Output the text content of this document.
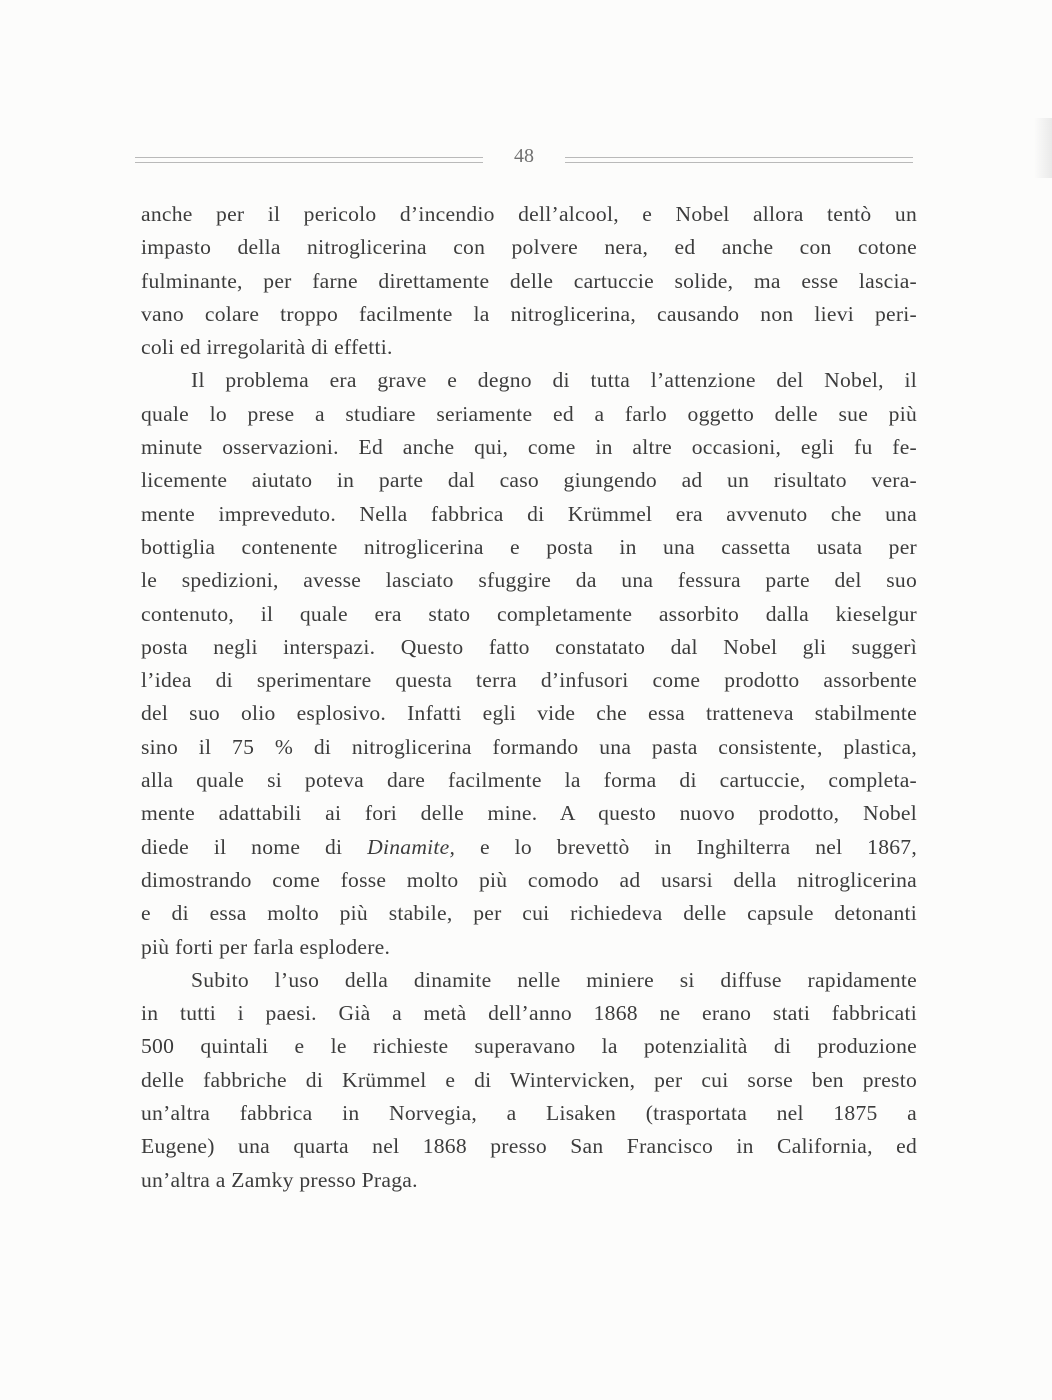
48
anche per il pericolo d’incendio dell’alcool, e Nobel allora tentò un
impasto della nitroglicerina con polvere nera, ed anche con cotone
fulminante, per farne direttamente delle cartuccie solide, ma esse lascia-
vano colare troppo facilmente la nitroglicerina, causando non lievi peri-
coli ed irregolarità di effetti.
Il problema era grave e degno di tutta l’attenzione del Nobel, il
quale lo prese a studiare seriamente ed a farlo oggetto delle sue più
minute osservazioni. Ed anche qui, come in altre occasioni, egli fu fe-
licemente aiutato in parte dal caso giungendo ad un risultato vera-
mente impreveduto. Nella fabbrica di Krümmel era avvenuto che una
bottiglia contenente nitroglicerina e posta in una cassetta usata per
le spedizioni, avesse lasciato sfuggire da una fessura parte del suo
contenuto, il quale era stato completamente assorbito dalla kieselgur
posta negli interspazi. Questo fatto constatato dal Nobel gli suggerì
l’idea di sperimentare questa terra d’infusori come prodotto assorbente
del suo olio esplosivo. Infatti egli vide che essa tratteneva stabilmente
sino il 75 % di nitroglicerina formando una pasta consistente, plastica,
alla quale si poteva dare facilmente la forma di cartuccie, completa-
mente adattabili ai fori delle mine. A questo nuovo prodotto, Nobel
diede il nome di Dinamite, e lo brevettò in Inghilterra nel 1867,
dimostrando come fosse molto più comodo ad usarsi della nitroglicerina
e di essa molto più stabile, per cui richiedeva delle capsule detonanti
più forti per farla esplodere.
Subito l’uso della dinamite nelle miniere si diffuse rapidamente
in tutti i paesi. Già a metà dell’anno 1868 ne erano stati fabbricati
500 quintali e le richieste superavano la potenzialità di produzione
delle fabbriche di Krümmel e di Wintervicken, per cui sorse ben presto
un’altra fabbrica in Norvegia, a Lisaken (trasportata nel 1875 a
Eugene) una quarta nel 1868 presso San Francisco in California, ed
un’altra a Zamky presso Praga.
